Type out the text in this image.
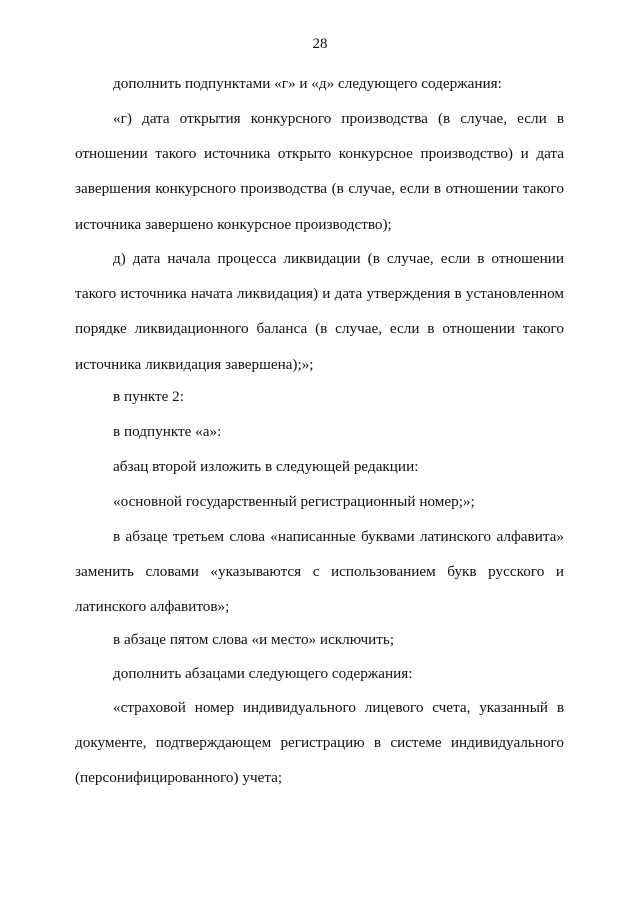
28

дополнить подпунктами «г» и «д» следующего содержания:

«г) дата открытия конкурсного производства (в случае, если в отношении такого источника открыто конкурсное производство) и дата завершения конкурсного производства (в случае, если в отношении такого источника завершено конкурсное производство);

д) дата начала процесса ликвидации (в случае, если в отношении такого источника начата ликвидация) и дата утверждения в установленном порядке ликвидационного баланса (в случае, если в отношении такого источника ликвидация завершена);»;

в пункте 2:

в подпункте «а»:

абзац второй изложить в следующей редакции:

«основной государственный регистрационный номер;»;

в абзаце третьем слова «написанные буквами латинского алфавита» заменить словами «указываются с использованием букв русского и латинского алфавитов»;

в абзаце пятом слова «и место» исключить;

дополнить абзацами следующего содержания:

«страховой номер индивидуального лицевого счета, указанный в документе, подтверждающем регистрацию в системе индивидуального (персонифицированного) учета;
